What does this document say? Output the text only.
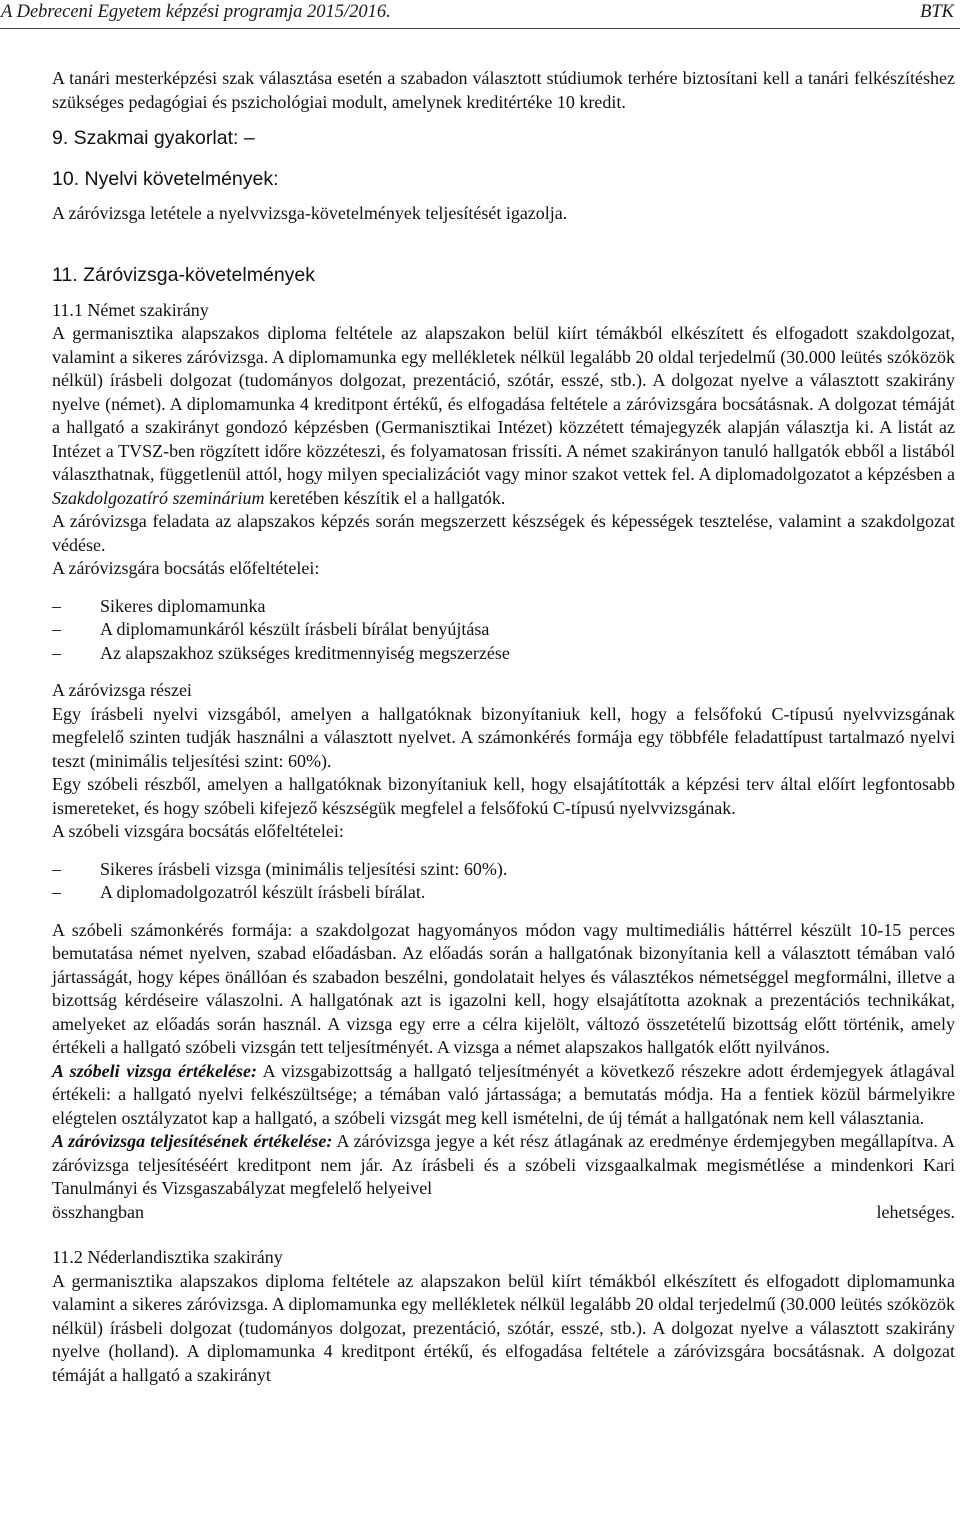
A Debreceni Egyetem képzési programja 2015/2016.	BTK

A tanári mesterképzési szak választása esetén a szabadon választott stúdiumok terhére biztosítani kell a tanári felkészítéshez szükséges pedagógiai és pszichológiai modult, amelynek kreditértéke 10 kredit.

9. Szakmai gyakorlat: –

10. Nyelvi követelmények:

A záróvizsga letétele a nyelvvizsga-követelmények teljesítését igazolja.

11. Záróvizsga-követelmények

11.1 Német szakirány

A germanisztika alapszakos diploma feltétele az alapszakon belül kiírt témákból elkészített és elfogadott szakdolgozat, valamint a sikeres záróvizsga. A diplomamunka egy mellékletek nélkül legalább 20 oldal terjedelmű (30.000 leütés szóközök nélkül) írásbeli dolgozat (tudományos dolgozat, prezentáció, szótár, esszé, stb.). A dolgozat nyelve a választott szakirány nyelve (német). A diplomamunka 4 kreditpont értékű, és elfogadása feltétele a záróvizsgára bocsátásnak. A dolgozat témáját a hallgató a szakirányt gondozó képzésben (Germanisztikai Intézet) közzétett témajegyzék alapján választja ki. A listát az Intézet a TVSZ-ben rögzített időre közzéteszi, és folyamatosan frissíti. A német szakirányon tanuló hallgatók ebből a listából választhatnak, függetlenül attól, hogy milyen specializációt vagy minor szakot vettek fel. A diplomadolgozatot a képzésben a Szakdolgozatíró szeminárium keretében készítik el a hallgatók.

A záróvizsga feladata az alapszakos képzés során megszerzett készségek és képességek tesztelése, valamint a szakdolgozat védése.

A záróvizsgára bocsátás előfeltételei:

–	Sikeres diplomamunka
–	A diplomamunkáról készült írásbeli bírálat benyújtása
–	Az alapszakhoz szükséges kreditmennyiség megszerzése

A záróvizsga részei

Egy írásbeli nyelvi vizsgából, amelyen a hallgatóknak bizonyítaniuk kell, hogy a felsőfokú C-típusú nyelvvizsgának megfelelő szinten tudják használni a választott nyelvet. A számonkérés formája egy többféle feladattípust tartalmazó nyelvi teszt (minimális teljesítési szint: 60%).

Egy szóbeli részből, amelyen a hallgatóknak bizonyítaniuk kell, hogy elsajátították a képzési terv által előírt legfontosabb ismereteket, és hogy szóbeli kifejező készségük megfelel a felsőfokú C-típusú nyelvvizsgának.

A szóbeli vizsgára bocsátás előfeltételei:

–	Sikeres írásbeli vizsga (minimális teljesítési szint: 60%).
–	A diplomadolgozatról készült írásbeli bírálat.

A szóbeli számonkérés formája: a szakdolgozat hagyományos módon vagy multimediális háttérrel készült 10-15 perces bemutatása német nyelven, szabad előadásban. Az előadás során a hallgatónak bizonyítania kell a választott témában való jártasságát, hogy képes önállóan és szabadon beszélni, gondolatait helyes és választékos németséggel megformálni, illetve a bizottság kérdéseire válaszolni. A hallgatónak azt is igazolni kell, hogy elsajátította azoknak a prezentációs technikákat, amelyeket az előadás során használ. A vizsga egy erre a célra kijelölt, változó összetételű bizottság előtt történik, amely értékeli a hallgató szóbeli vizsgán tett teljesítményét. A vizsga a német alapszakos hallgatók előtt nyilvános.

A szóbeli vizsga értékelése: A vizsgabizottság a hallgató teljesítményét a következő részekre adott érdemjegyek átlagával értékeli: a hallgató nyelvi felkészültsége; a témában való jártassága; a bemutatás módja. Ha a fentiek közül bármelyikre elégtelen osztályzatot kap a hallgató, a szóbeli vizsgát meg kell ismételni, de új témát a hallgatónak nem kell választania.

A záróvizsga teljesítésének értékelése: A záróvizsga jegye a két rész átlagának az eredménye érdemjegyben megállapítva. A záróvizsga teljesítéséért kreditpont nem jár. Az írásbeli és a szóbeli vizsgaalkalmak megismétlése a mindenkori Kari Tanulmányi és Vizsgaszabályzat megfelelő helyeivel

összhangban	lehetséges.

11.2 Néderlandisztika szakirány

A germanisztika alapszakos diploma feltétele az alapszakon belül kiírt témákból elkészített és elfogadott diplomamunka valamint a sikeres záróvizsga. A diplomamunka egy mellékletek nélkül legalább 20 oldal terjedelmű (30.000 leütés szóközök nélkül) írásbeli dolgozat (tudományos dolgozat, prezentáció, szótár, esszé, stb.). A dolgozat nyelve a választott szakirány nyelve (holland). A diplomamunka 4 kreditpont értékű, és elfogadása feltétele a záróvizsgára bocsátásnak. A dolgozat témáját a hallgató a szakirányt
